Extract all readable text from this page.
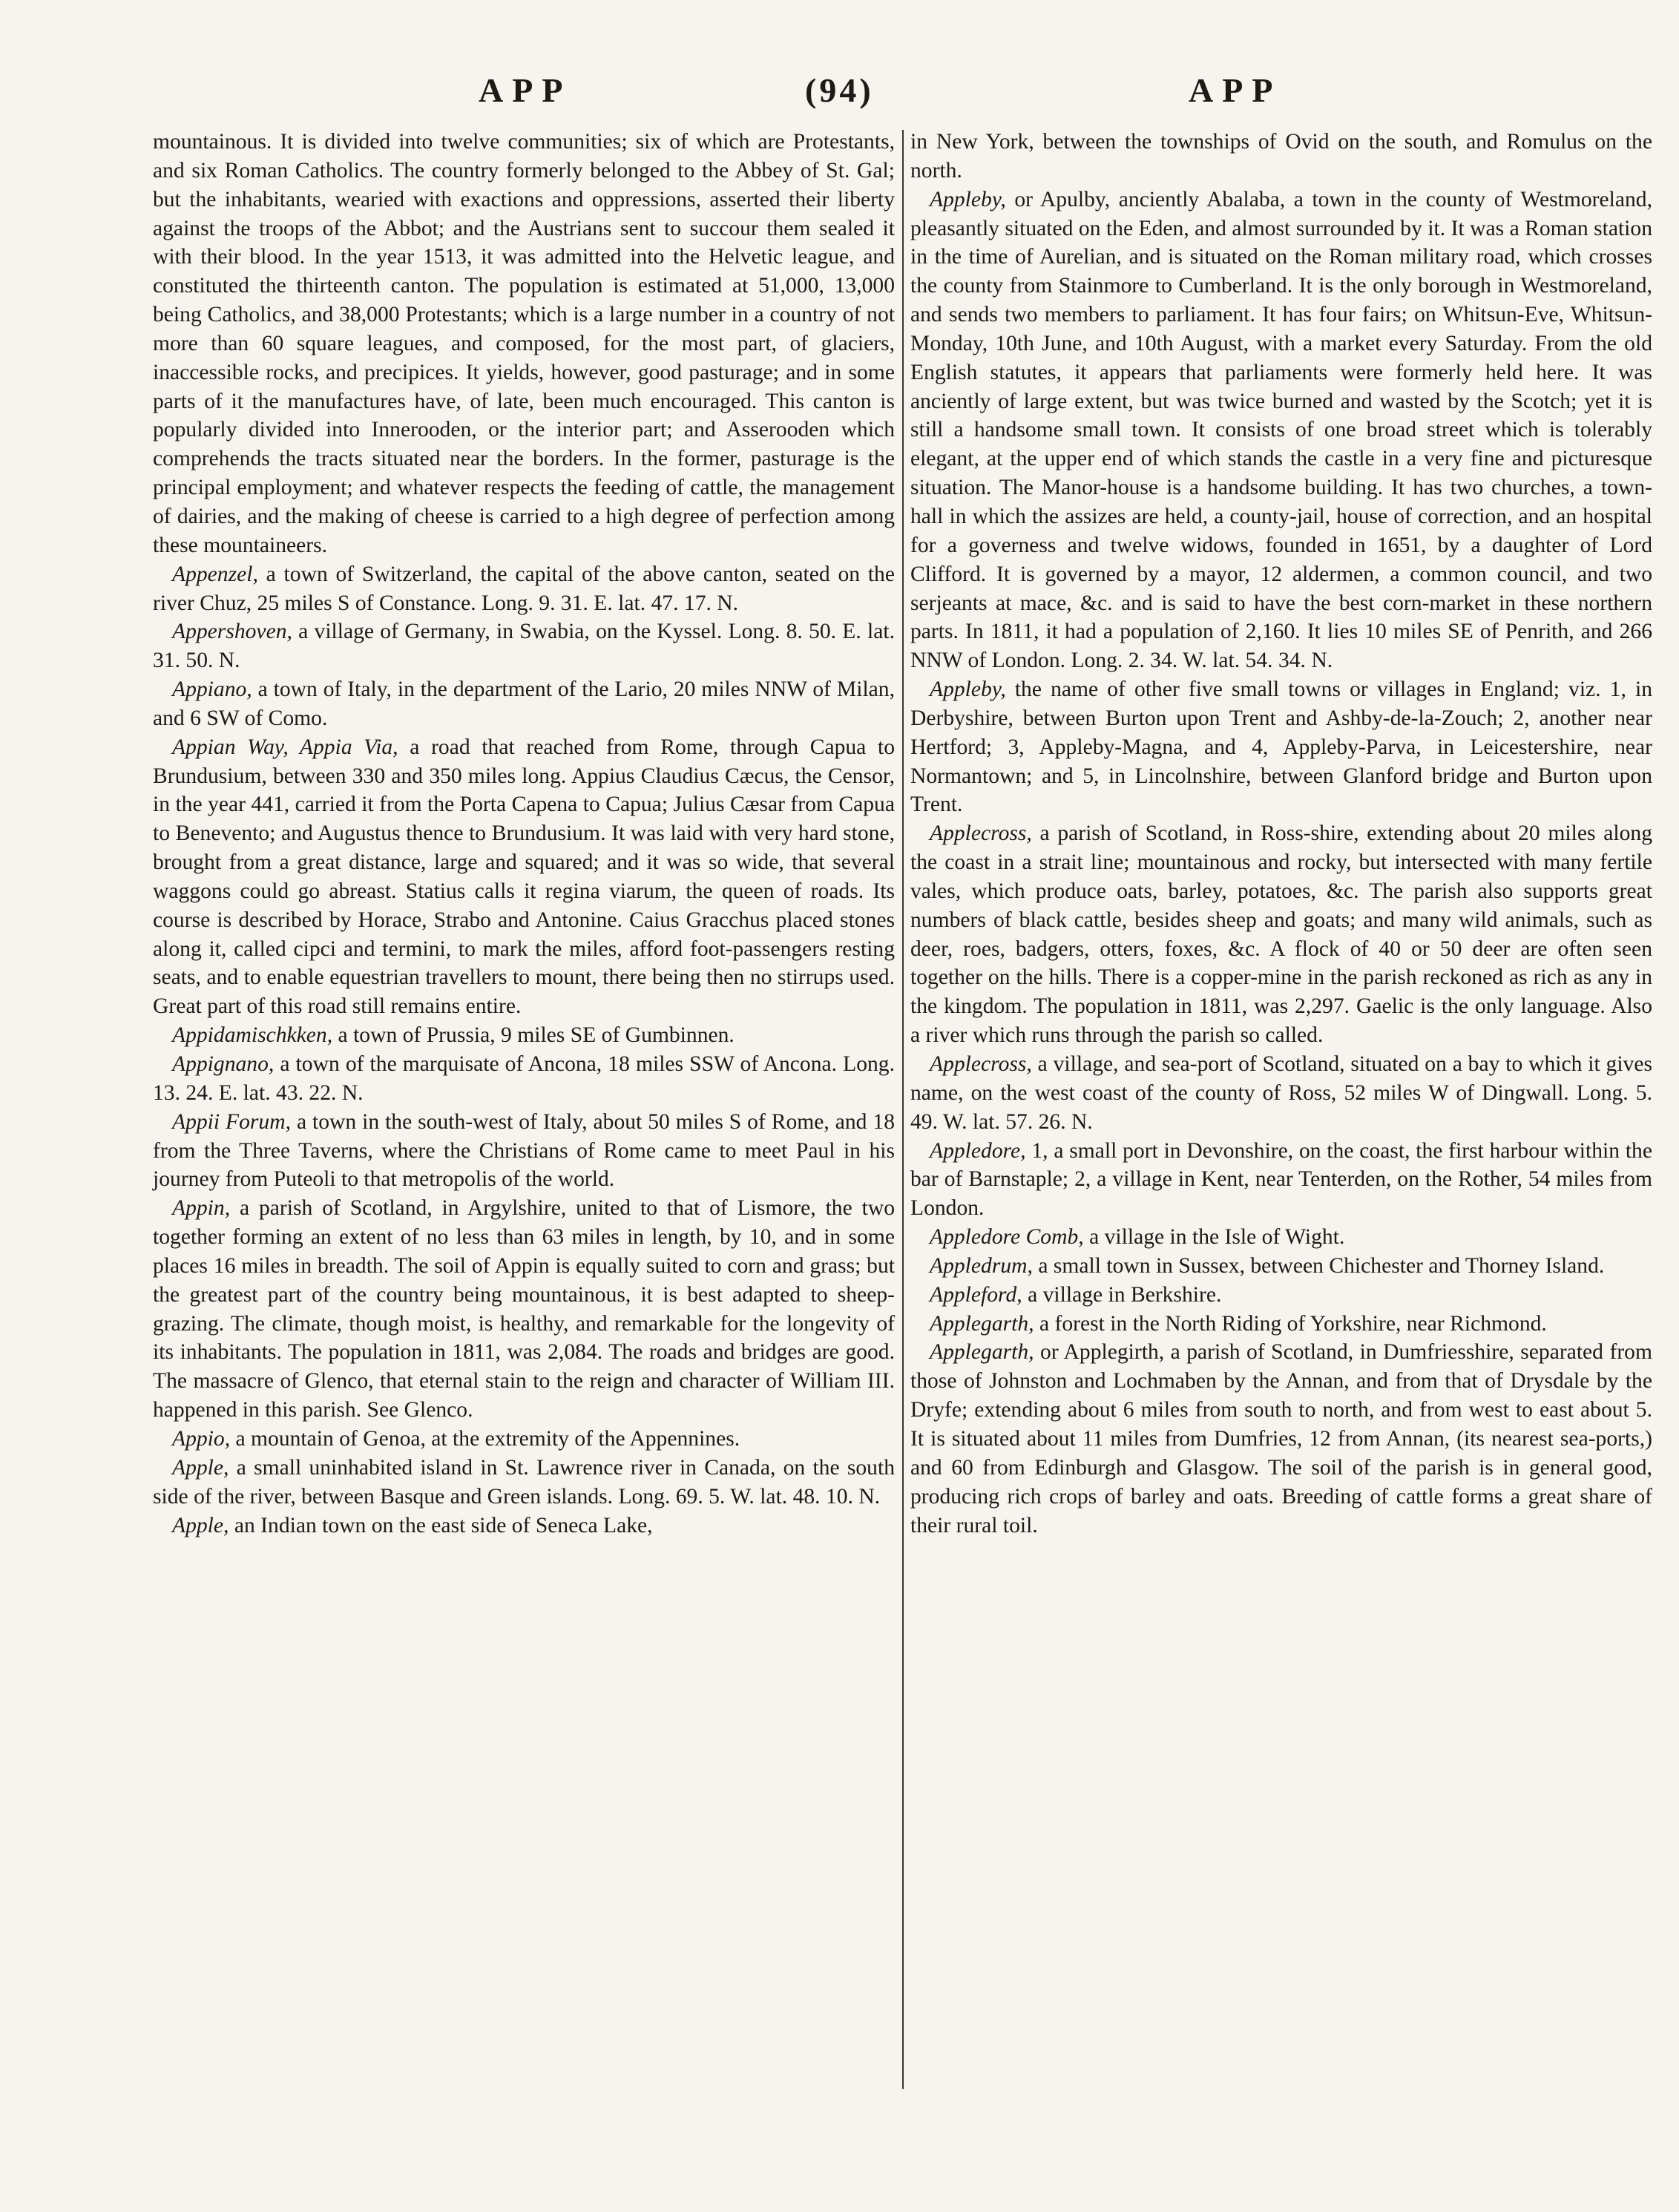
APP	(94)	APP

mountainous. It is divided into twelve communities; six of which are Protestants, and six Roman Catholics. The country formerly belonged to the Abbey of St. Gal; but the inhabitants, wearied with exactions and oppressions, asserted their liberty against the troops of the Abbot; and the Austrians sent to succour them sealed it with their blood. In the year 1513, it was admitted into the Helvetic league, and constituted the thirteenth canton. The population is estimated at 51,000, 13,000 being Catholics, and 38,000 Protestants; which is a large number in a country of not more than 60 square leagues, and composed, for the most part, of glaciers, inaccessible rocks, and precipices. It yields, however, good pasturage; and in some parts of it the manufactures have, of late, been much encouraged. This canton is popularly divided into Innerooden, or the interior part; and Asserooden which comprehends the tracts situated near the borders. In the former, pasturage is the principal employment; and whatever respects the feeding of cattle, the management of dairies, and the making of cheese is carried to a high degree of perfection among these mountaineers.

Appenzel, a town of Switzerland, the capital of the above canton, seated on the river Chuz, 25 miles S of Constance. Long. 9. 31. E. lat. 47. 17. N.

Appershoven, a village of Germany, in Swabia, on the Kyssel. Long. 8. 50. E. lat. 31. 50. N.

Appiano, a town of Italy, in the department of the Lario, 20 miles NNW of Milan, and 6 SW of Como.

Appian Way, Appia Via, a road that reached from Rome, through Capua to Brundusium, between 330 and 350 miles long. Appius Claudius Cæcus, the Censor, in the year 441, carried it from the Porta Capena to Capua; Julius Cæsar from Capua to Benevento; and Augustus thence to Brundusium. It was laid with very hard stone, brought from a great distance, large and squared; and it was so wide, that several waggons could go abreast. Statius calls it regina viarum, the queen of roads. Its course is described by Horace, Strabo and Antonine. Caius Gracchus placed stones along it, called cipci and termini, to mark the miles, afford foot-passengers resting seats, and to enable equestrian travellers to mount, there being then no stirrups used. Great part of this road still remains entire.

Appidamischkken, a town of Prussia, 9 miles SE of Gumbinnen.

Appignano, a town of the marquisate of Ancona, 18 miles SSW of Ancona. Long. 13. 24. E. lat. 43. 22. N.

Appii Forum, a town in the south-west of Italy, about 50 miles S of Rome, and 18 from the Three Taverns, where the Christians of Rome came to meet Paul in his journey from Puteoli to that metropolis of the world.

Appin, a parish of Scotland, in Argylshire, united to that of Lismore, the two together forming an extent of no less than 63 miles in length, by 10, and in some places 16 miles in breadth. The soil of Appin is equally suited to corn and grass; but the greatest part of the country being mountainous, it is best adapted to sheep-grazing. The climate, though moist, is healthy, and remarkable for the longevity of its inhabitants. The population in 1811, was 2,084. The roads and bridges are good. The massacre of Glenco, that eternal stain to the reign and character of William III. happened in this parish. See Glenco.

Appio, a mountain of Genoa, at the extremity of the Appennines.

Apple, a small uninhabited island in St. Lawrence river in Canada, on the south side of the river, between Basque and Green islands. Long. 69. 5. W. lat. 48. 10. N.

Apple, an Indian town on the east side of Seneca Lake,

in New York, between the townships of Ovid on the south, and Romulus on the north.

Appleby, or Apulby, anciently Abalaba, a town in the county of Westmoreland, pleasantly situated on the Eden, and almost surrounded by it. It was a Roman station in the time of Aurelian, and is situated on the Roman military road, which crosses the county from Stainmore to Cumberland. It is the only borough in Westmoreland, and sends two members to parliament. It has four fairs; on Whitsun-Eve, Whitsun-Monday, 10th June, and 10th August, with a market every Saturday. From the old English statutes, it appears that parliaments were formerly held here. It was anciently of large extent, but was twice burned and wasted by the Scotch; yet it is still a handsome small town. It consists of one broad street which is tolerably elegant, at the upper end of which stands the castle in a very fine and picturesque situation. The Manor-house is a handsome building. It has two churches, a town-hall in which the assizes are held, a county-jail, house of correction, and an hospital for a governess and twelve widows, founded in 1651, by a daughter of Lord Clifford. It is governed by a mayor, 12 aldermen, a common council, and two serjeants at mace, &c. and is said to have the best corn-market in these northern parts. In 1811, it had a population of 2,160. It lies 10 miles SE of Penrith, and 266 NNW of London. Long. 2. 34. W. lat. 54. 34. N.

Appleby, the name of other five small towns or villages in England; viz. 1, in Derbyshire, between Burton upon Trent and Ashby-de-la-Zouch; 2, another near Hertford; 3, Appleby-Magna, and 4, Appleby-Parva, in Leicestershire, near Normantown; and 5, in Lincolnshire, between Glanford bridge and Burton upon Trent.

Applecross, a parish of Scotland, in Ross-shire, extending about 20 miles along the coast in a strait line; mountainous and rocky, but intersected with many fertile vales, which produce oats, barley, potatoes, &c. The parish also supports great numbers of black cattle, besides sheep and goats; and many wild animals, such as deer, roes, badgers, otters, foxes, &c. A flock of 40 or 50 deer are often seen together on the hills. There is a copper-mine in the parish reckoned as rich as any in the kingdom. The population in 1811, was 2,297. Gaelic is the only language. Also a river which runs through the parish so called.

Applecross, a village, and sea-port of Scotland, situated on a bay to which it gives name, on the west coast of the county of Ross, 52 miles W of Dingwall. Long. 5. 49. W. lat. 57. 26. N.

Appledore, 1, a small port in Devonshire, on the coast, the first harbour within the bar of Barnstaple; 2, a village in Kent, near Tenterden, on the Rother, 54 miles from London.

Appledore Comb, a village in the Isle of Wight.

Appledrum, a small town in Sussex, between Chichester and Thorney Island.

Appleford, a village in Berkshire.

Applegarth, a forest in the North Riding of Yorkshire, near Richmond.

Applegarth, or Applegirth, a parish of Scotland, in Dumfriesshire, separated from those of Johnston and Lochmaben by the Annan, and from that of Drysdale by the Dryfe; extending about 6 miles from south to north, and from west to east about 5. It is situated about 11 miles from Dumfries, 12 from Annan, (its nearest sea-ports,) and 60 from Edinburgh and Glasgow. The soil of the parish is in general good, producing rich crops of barley and oats. Breeding of cattle forms a great share of their rural toil.
